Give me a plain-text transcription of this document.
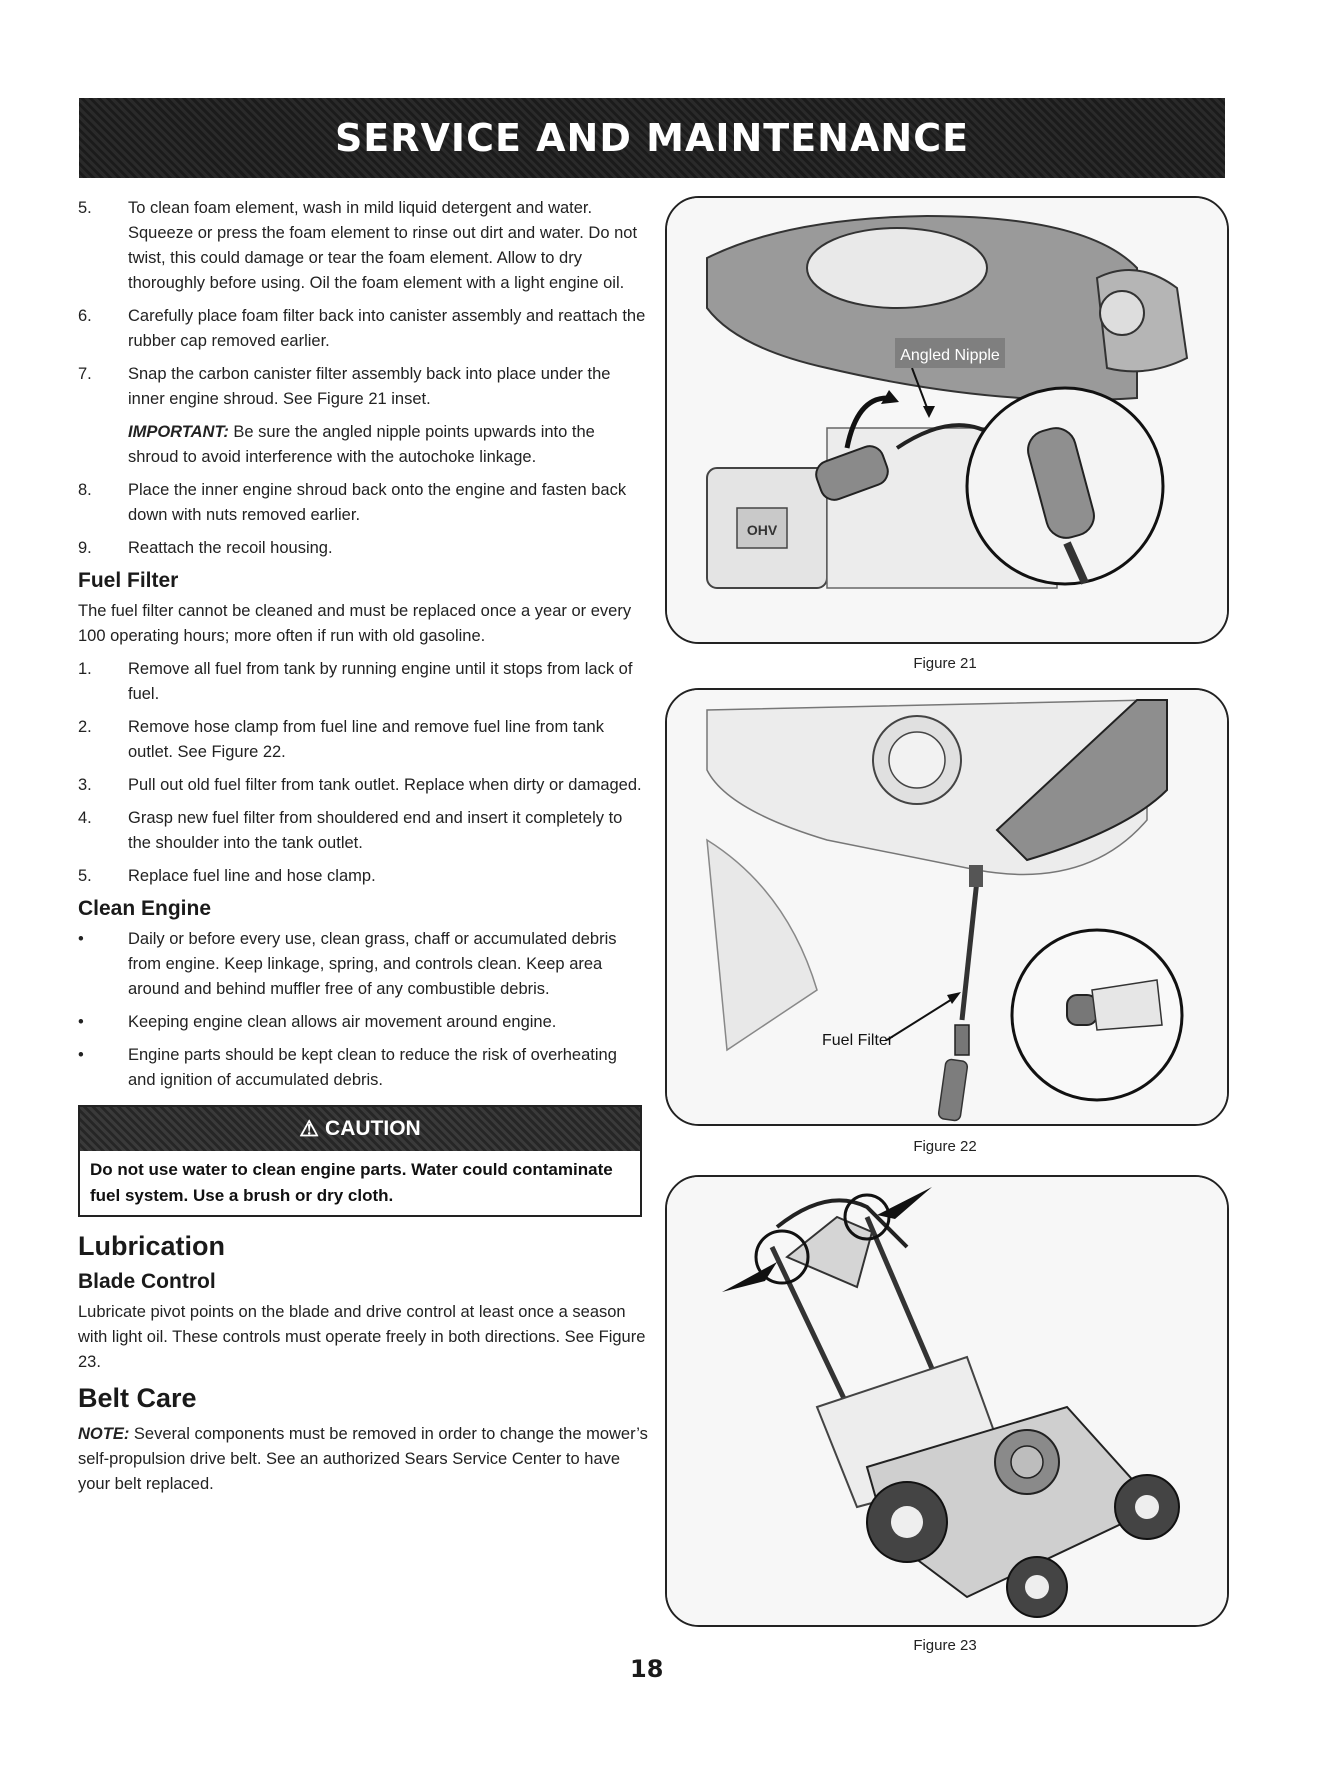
SERVICE AND MAINTENANCE
5.	To clean foam element, wash in mild liquid detergent and water. Squeeze or press the foam element to rinse out dirt and water. Do not twist, this could damage or tear the foam element. Allow to dry thoroughly before using. Oil the foam element with a light engine oil.
6.	Carefully place foam filter back into canister assembly and reattach the rubber cap removed earlier.
7.	Snap the carbon canister filter assembly back into place under the inner engine shroud. See Figure 21 inset.
IMPORTANT: Be sure the angled nipple points upwards into the shroud to avoid interference with the autochoke linkage.
8.	Place the inner engine shroud back onto the engine and fasten back down with nuts removed earlier.
9.	Reattach the recoil housing.
Fuel Filter

The fuel filter cannot be cleaned and must be replaced once a year or every 100 operating hours; more often if run with old gasoline.

1.	Remove all fuel from tank by running engine until it stops from lack of fuel.
2.	Remove hose clamp from fuel line and remove fuel line from tank outlet. See Figure 22.
3.	Pull out old fuel filter from tank outlet. Replace when dirty or damaged.
4.	Grasp new fuel filter from shouldered end and insert it completely to the shoulder into the tank outlet.
5.	Replace fuel line and hose clamp.
Clean Engine
•	Daily or before every use, clean grass, chaff or accumulated debris from engine. Keep linkage, spring, and controls clean. Keep area around and behind muffler free of any combustible debris.
•	Keeping engine clean allows air movement around engine.
•	Engine parts should be kept clean to reduce the risk of overheating and ignition of accumulated debris.
⚠ CAUTION
Do not use water to clean engine parts. Water could contaminate fuel system. Use a brush or dry cloth.
Lubrication
Blade Control

Lubricate pivot points on the blade and drive control at least once a season with light oil. These controls must operate freely in both directions. See Figure 23.

Belt Care

NOTE: Several components must be removed in order to change the mower’s self-propulsion drive belt. See an authorized Sears Service Center to have your belt replaced.

OHV
Angled Nipple
Figure 21
Fuel Filter
Figure 22
Figure 23
18
